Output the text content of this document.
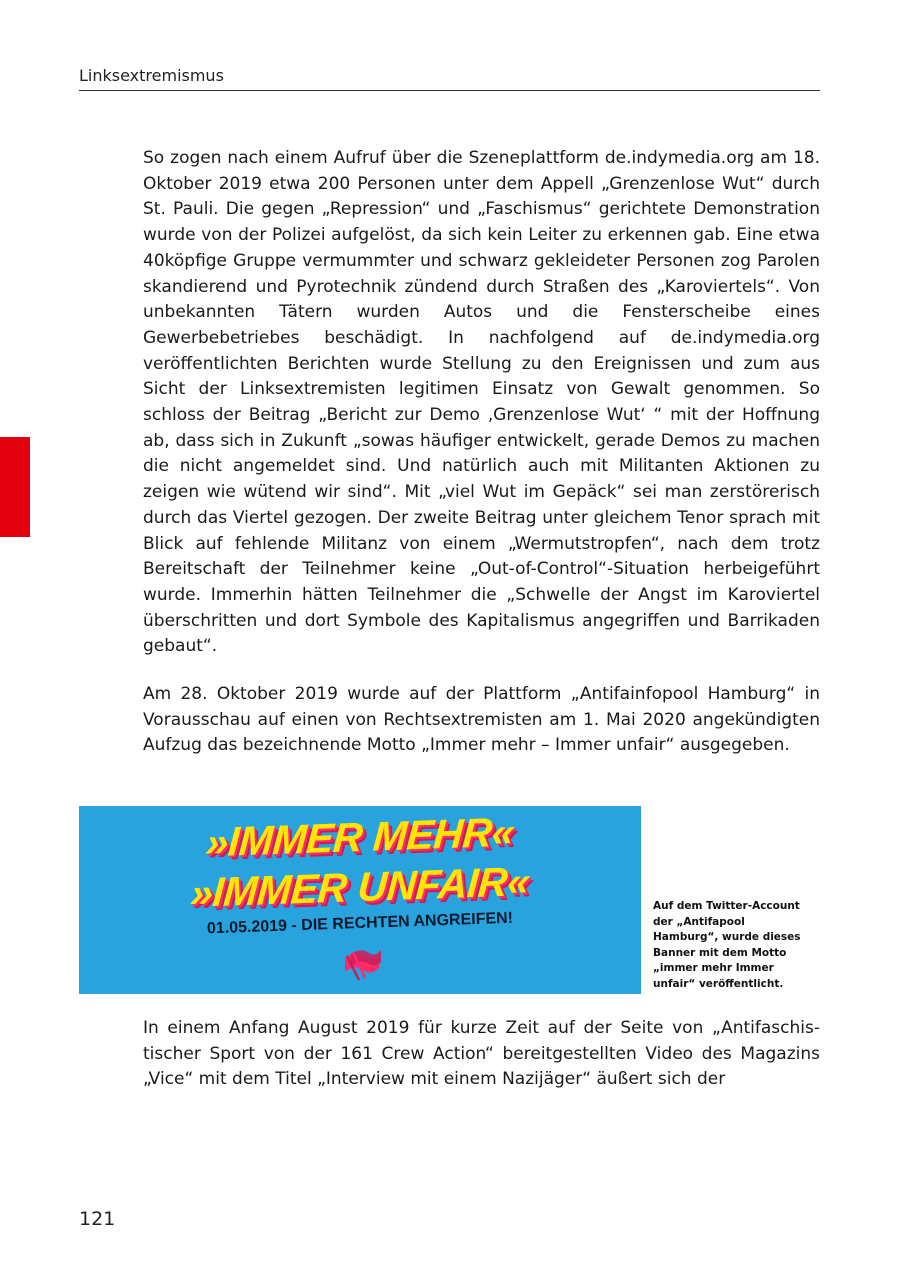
Linksextremismus

So zogen nach einem Aufruf über die Szeneplattform de.indymedia.org am 18. Oktober 2019 etwa 200 Personen unter dem Appell „Grenzenlose Wut“ durch St. Pauli. Die gegen „Repression“ und „Faschismus“ gerichtete Demonstration wurde von der Polizei aufgelöst, da sich kein Leiter zu erkennen gab. Eine etwa 40köpfige Gruppe vermummter und schwarz gekleideter Personen zog Parolen skandierend und Pyrotechnik zündend durch Straßen des „Karoviertels“. Von unbekannten Tätern wurden Autos und die Fensterscheibe eines Gewerbebetriebes beschädigt. In nachfolgend auf de.indymedia.org veröffentlichten Berichten wurde Stellung zu den Ereignissen und zum aus Sicht der Linksextremisten legitimen Einsatz von Gewalt genommen. So schloss der Beitrag „Bericht zur Demo ‚Grenzenlose Wut‘ “ mit der Hoffnung ab, dass sich in Zukunft „sowas häufiger entwickelt, gerade Demos zu machen die nicht angemeldet sind. Und natürlich auch mit Militanten Aktionen zu zeigen wie wütend wir sind“. Mit „viel Wut im Gepäck“ sei man zerstörerisch durch das Viertel gezogen. Der zweite Beitrag unter gleichem Tenor sprach mit Blick auf fehlende Militanz von einem „Wermutstropfen“, nach dem trotz Bereitschaft der Teilnehmer keine „Out-of-Control“-Situation herbeigeführt wurde. Immerhin hätten Teilnehmer die „Schwelle der Angst im Karoviertel überschritten und dort Symbole des Kapitalismus angegriffen und Barrikaden gebaut“.

Am 28. Oktober 2019 wurde auf der Plattform „Antifainfopool Hamburg“ in Vorausschau auf einen von Rechtsextremisten am 1. Mai 2020 angekündigten Aufzug das bezeichnende Motto „Immer mehr – Immer unfair“ ausgegeben.

»IMMER MEHR«
»IMMER UNFAIR«
01.05.2019 - DIE RECHTEN ANGREIFEN!

Auf dem Twitter-Account der „Antifapool Hamburg“, wurde dieses Banner mit dem Motto „immer mehr Immer unfair“ veröffentlicht.

In einem Anfang August 2019 für kurze Zeit auf der Seite von „Antifaschistischer Sport von der 161 Crew Action“ bereitgestellten Video des Magazins „Vice“ mit dem Titel „Interview mit einem Nazijäger“ äußert sich der

121
